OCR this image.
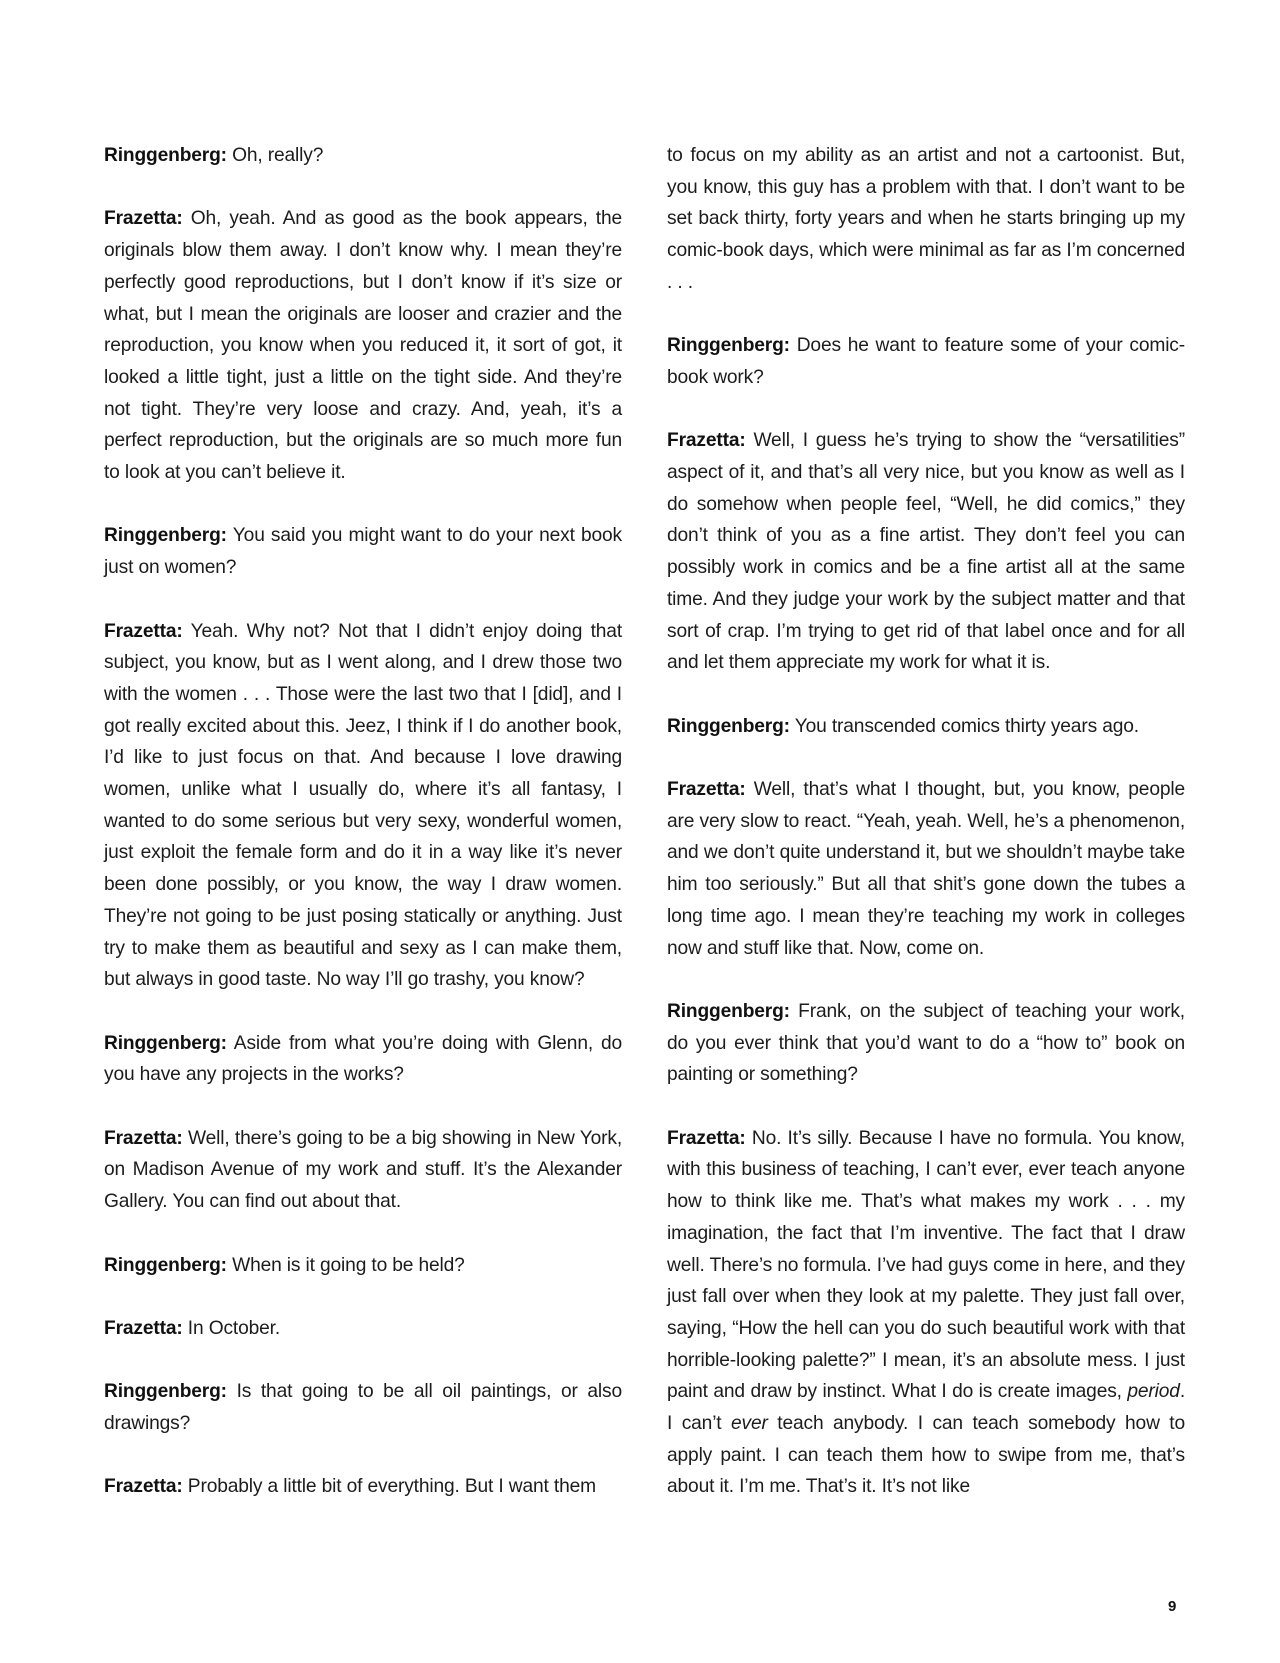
Ringgenberg: Oh, really?

Frazetta: Oh, yeah. And as good as the book appears, the originals blow them away. I don’t know why. I mean they’re perfectly good reproductions, but I don’t know if it’s size or what, but I mean the originals are looser and crazier and the reproduction, you know when you reduced it, it sort of got, it looked a little tight, just a little on the tight side. And they’re not tight. They’re very loose and crazy. And, yeah, it’s a perfect reproduction, but the originals are so much more fun to look at you can’t believe it.

Ringgenberg: You said you might want to do your next book just on women?

Frazetta: Yeah. Why not? Not that I didn’t enjoy doing that subject, you know, but as I went along, and I drew those two with the women . . . Those were the last two that I [did], and I got really excited about this. Jeez, I think if I do another book, I’d like to just focus on that. And because I love drawing women, unlike what I usually do, where it’s all fantasy, I wanted to do some serious but very sexy, wonderful women, just exploit the female form and do it in a way like it’s never been done possibly, or you know, the way I draw women. They’re not going to be just posing statically or anything. Just try to make them as beautiful and sexy as I can make them, but always in good taste. No way I’ll go trashy, you know?

Ringgenberg: Aside from what you’re doing with Glenn, do you have any projects in the works?

Frazetta: Well, there’s going to be a big showing in New York, on Madison Avenue of my work and stuff. It’s the Alexander Gallery. You can find out about that.

Ringgenberg: When is it going to be held?

Frazetta: In October.

Ringgenberg: Is that going to be all oil paintings, or also drawings?

Frazetta: Probably a little bit of everything. But I want them

to focus on my ability as an artist and not a cartoonist. But, you know, this guy has a problem with that. I don’t want to be set back thirty, forty years and when he starts bringing up my comic-book days, which were minimal as far as I’m concerned . . .

Ringgenberg: Does he want to feature some of your comic-book work?

Frazetta: Well, I guess he’s trying to show the “versatilities” aspect of it, and that’s all very nice, but you know as well as I do somehow when people feel, “Well, he did comics,” they don’t think of you as a fine artist. They don’t feel you can possibly work in comics and be a fine artist all at the same time. And they judge your work by the subject matter and that sort of crap. I’m trying to get rid of that label once and for all and let them appreciate my work for what it is.

Ringgenberg: You transcended comics thirty years ago.

Frazetta: Well, that’s what I thought, but, you know, people are very slow to react. “Yeah, yeah. Well, he’s a phenomenon, and we don’t quite understand it, but we shouldn’t maybe take him too seriously.” But all that shit’s gone down the tubes a long time ago. I mean they’re teaching my work in colleges now and stuff like that. Now, come on.

Ringgenberg: Frank, on the subject of teaching your work, do you ever think that you’d want to do a “how to” book on painting or something?

Frazetta: No. It’s silly. Because I have no formula. You know, with this business of teaching, I can’t ever, ever teach anyone how to think like me. That’s what makes my work . . . my imagination, the fact that I’m inventive. The fact that I draw well. There’s no formula. I’ve had guys come in here, and they just fall over when they look at my palette. They just fall over, saying, “How the hell can you do such beautiful work with that horrible-looking palette?” I mean, it’s an absolute mess. I just paint and draw by instinct. What I do is create images, period. I can’t ever teach anybody. I can teach somebody how to apply paint. I can teach them how to swipe from me, that’s about it. I’m me. That’s it. It’s not like

9
